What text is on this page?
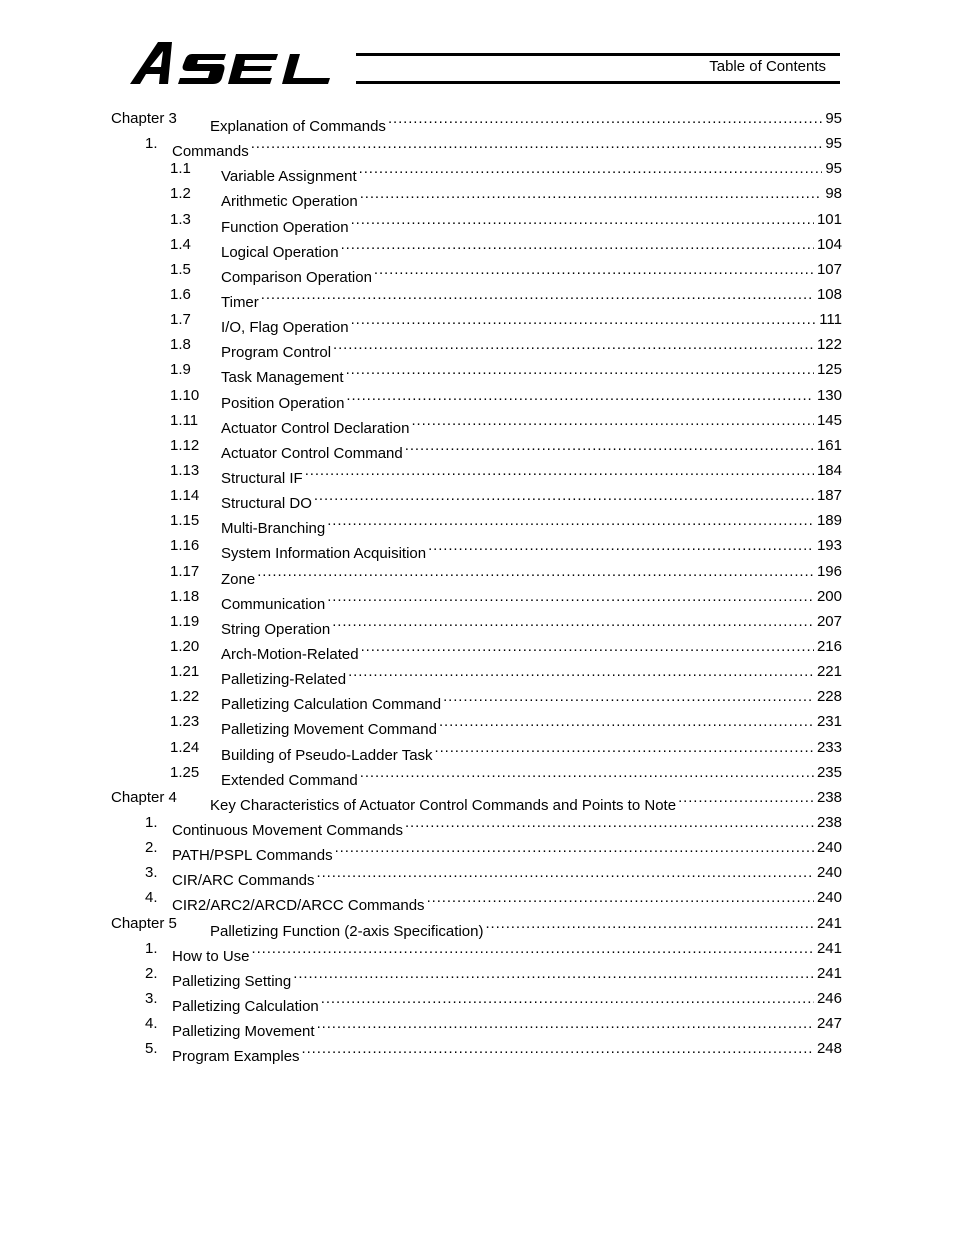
Table of Contents
Chapter 3 Explanation of Commands .....	95
1. Commands .....	95
1.1 Variable Assignment .....	95
1.2 Arithmetic Operation .....	98
1.3 Function Operation .....	101
1.4 Logical Operation .....	104
1.5 Comparison Operation .....	107
1.6 Timer .....	108
1.7 I/O, Flag Operation .....	111
1.8 Program Control .....	122
1.9 Task Management .....	125
1.10 Position Operation .....	130
1.11 Actuator Control Declaration .....	145
1.12 Actuator Control Command .....	161
1.13 Structural IF .....	184
1.14 Structural DO .....	187
1.15 Multi-Branching .....	189
1.16 System Information Acquisition .....	193
1.17 Zone .....	196
1.18 Communication .....	200
1.19 String Operation .....	207
1.20 Arch-Motion-Related .....	216
1.21 Palletizing-Related .....	221
1.22 Palletizing Calculation Command .....	228
1.23 Palletizing Movement Command .....	231
1.24 Building of Pseudo-Ladder Task .....	233
1.25 Extended Command .....	235
Chapter 4 Key Characteristics of Actuator Control Commands and Points to Note .....	238
1. Continuous Movement Commands .....	238
2. PATH/PSPL Commands .....	240
3. CIR/ARC Commands .....	240
4. CIR2/ARC2/ARCD/ARCC Commands .....	240
Chapter 5 Palletizing Function (2-axis Specification) .....	241
1. How to Use .....	241
2. Palletizing Setting .....	241
3. Palletizing Calculation .....	246
4. Palletizing Movement .....	247
5. Program Examples .....	248
